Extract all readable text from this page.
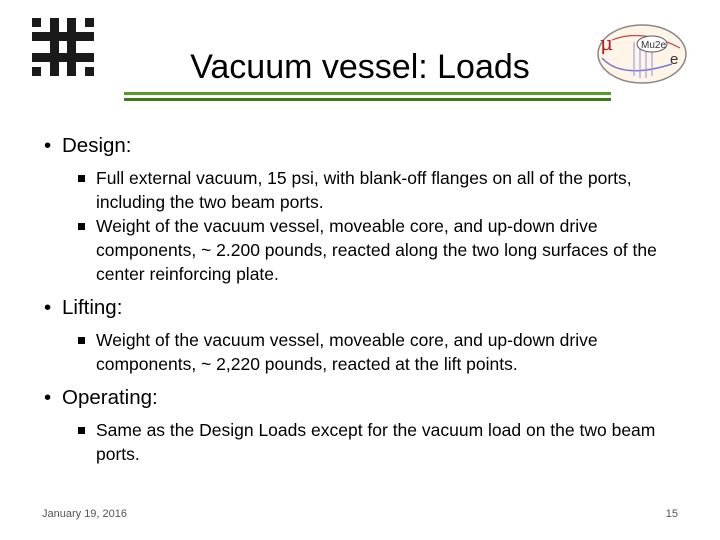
μ	Mu2e
e
Vacuum vessel: Loads
• Design:
Full external vacuum, 15 psi, with blank-off flanges on all of the ports, including the two beam ports.
Weight of the vacuum vessel, moveable core, and up-down drive components, ~ 2.200 pounds, reacted along the two long surfaces of the center reinforcing plate.
• Lifting:
Weight of the vacuum vessel, moveable core, and up-down drive components, ~ 2,220 pounds, reacted at the lift points.
• Operating:
Same as the Design Loads except for the vacuum load on the two beam ports.
January 19, 2016	15
